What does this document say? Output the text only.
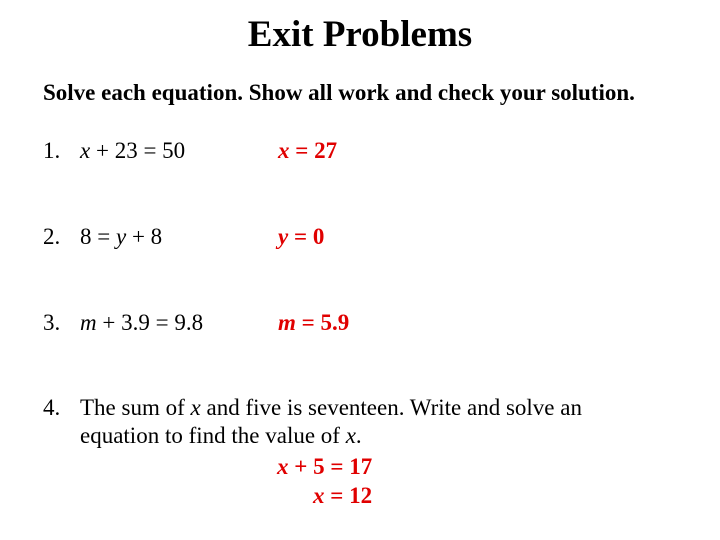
Exit Problems
Solve each equation. Show all work and check your solution.
1. x + 23 = 50	x = 27
2. 8 = y + 8	y = 0
3. m + 3.9 = 9.8	m = 5.9
4. The sum of x and five is seventeen. Write and solve an
equation to find the value of x.
x + 5 = 17
x = 12
